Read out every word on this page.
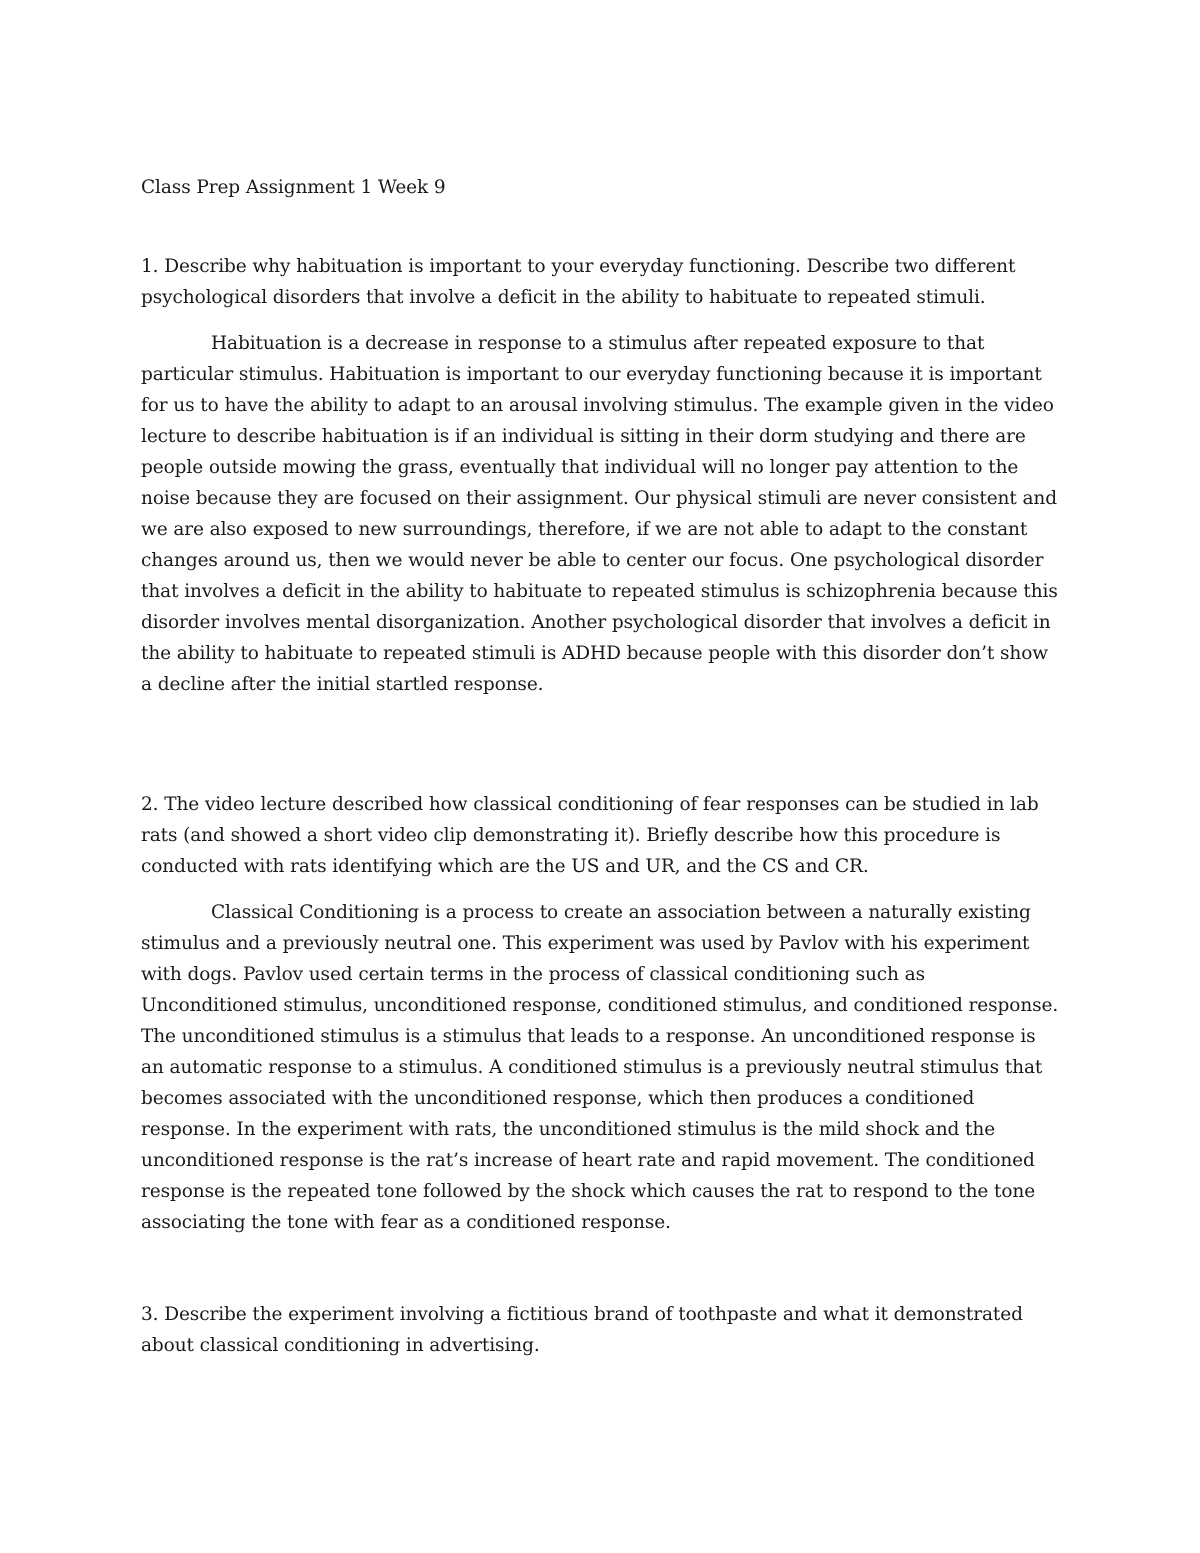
Class Prep Assignment 1 Week 9

1. Describe why habituation is important to your everyday functioning. Describe two different psychological disorders that involve a deficit in the ability to habituate to repeated stimuli.

Habituation is a decrease in response to a stimulus after repeated exposure to that particular stimulus. Habituation is important to our everyday functioning because it is important for us to have the ability to adapt to an arousal involving stimulus. The example given in the video lecture to describe habituation is if an individual is sitting in their dorm studying and there are people outside mowing the grass, eventually that individual will no longer pay attention to the noise because they are focused on their assignment. Our physical stimuli are never consistent and we are also exposed to new surroundings, therefore, if we are not able to adapt to the constant changes around us, then we would never be able to center our focus. One psychological disorder that involves a deficit in the ability to habituate to repeated stimulus is schizophrenia because this disorder involves mental disorganization. Another psychological disorder that involves a deficit in the ability to habituate to repeated stimuli is ADHD because people with this disorder don’t show a decline after the initial startled response.

2. The video lecture described how classical conditioning of fear responses can be studied in lab rats (and showed a short video clip demonstrating it). Briefly describe how this procedure is conducted with rats identifying which are the US and UR, and the CS and CR.

Classical Conditioning is a process to create an association between a naturally existing stimulus and a previously neutral one. This experiment was used by Pavlov with his experiment with dogs. Pavlov used certain terms in the process of classical conditioning such as Unconditioned stimulus, unconditioned response, conditioned stimulus, and conditioned response. The unconditioned stimulus is a stimulus that leads to a response. An unconditioned response is an automatic response to a stimulus. A conditioned stimulus is a previously neutral stimulus that becomes associated with the unconditioned response, which then produces a conditioned response. In the experiment with rats, the unconditioned stimulus is the mild shock and the unconditioned response is the rat’s increase of heart rate and rapid movement. The conditioned response is the repeated tone followed by the shock which causes the rat to respond to the tone associating the tone with fear as a conditioned response.

3. Describe the experiment involving a fictitious brand of toothpaste and what it demonstrated about classical conditioning in advertising.
